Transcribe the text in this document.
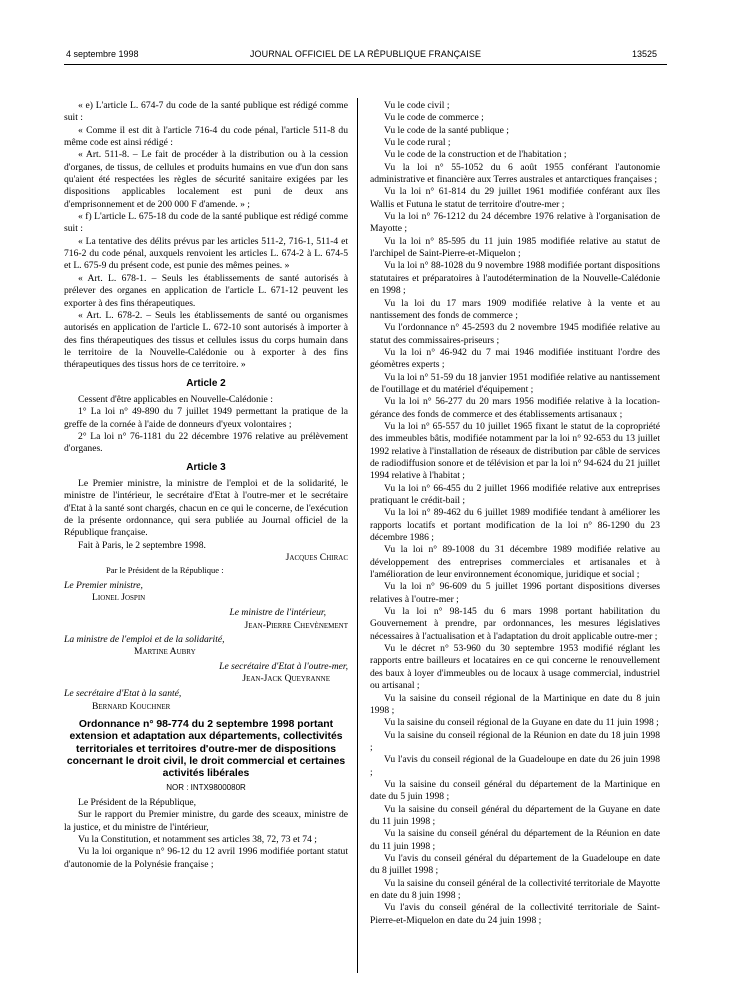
4 septembre 1998	JOURNAL OFFICIEL DE LA RÉPUBLIQUE FRANÇAISE	13525

« e) L'article L. 674-7 du code de la santé publique est rédigé comme suit :

« Comme il est dit à l'article 716-4 du code pénal, l'article 511-8 du même code est ainsi rédigé :

« Art. 511-8. – Le fait de procéder à la distribution ou à la cession d'organes, de tissus, de cellules et produits humains en vue d'un don sans qu'aient été respectées les règles de sécurité sanitaire exigées par les dispositions applicables localement est puni de deux ans d'emprisonnement et de 200 000 F d'amende. » ;

« f) L'article L. 675-18 du code de la santé publique est rédigé comme suit :

« La tentative des délits prévus par les articles 511-2, 716-1, 511-4 et 716-2 du code pénal, auxquels renvoient les articles L. 674-2 à L. 674-5 et L. 675-9 du présent code, est punie des mêmes peines. »

« Art. L. 678-1. – Seuls les établissements de santé autorisés à prélever des organes en application de l'article L. 671-12 peuvent les exporter à des fins thérapeutiques.

« Art. L. 678-2. – Seuls les établissements de santé ou organismes autorisés en application de l'article L. 672-10 sont autorisés à importer à des fins thérapeutiques des tissus et cellules issus du corps humain dans le territoire de la Nouvelle-Calédonie ou à exporter à des fins thérapeutiques des tissus hors de ce territoire. »

Article 2

Cessent d'être applicables en Nouvelle-Calédonie :

1° La loi n° 49-890 du 7 juillet 1949 permettant la pratique de la greffe de la cornée à l'aide de donneurs d'yeux volontaires ;

2° La loi n° 76-1181 du 22 décembre 1976 relative au prélèvement d'organes.

Article 3

Le Premier ministre, la ministre de l'emploi et de la solidarité, le ministre de l'intérieur, le secrétaire d'Etat à l'outre-mer et le secrétaire d'Etat à la santé sont chargés, chacun en ce qui le concerne, de l'exécution de la présente ordonnance, qui sera publiée au Journal officiel de la République française.

Fait à Paris, le 2 septembre 1998.

Jacques Chirac

Par le Président de la République :

Le Premier ministre,

Lionel Jospin

Le ministre de l'intérieur,

Jean-Pierre Chevènement

La ministre de l'emploi et de la solidarité,

Martine Aubry

Le secrétaire d'Etat à l'outre-mer,

Jean-Jack Queyranne

Le secrétaire d'Etat à la santé,

Bernard Kouchner

Ordonnance n° 98-774 du 2 septembre 1998 portant extension et adaptation aux départements, collectivités territoriales et territoires d'outre-mer de dispositions concernant le droit civil, le droit commercial et certaines activités libérales

NOR : INTX9800080R

Le Président de la République,

Sur le rapport du Premier ministre, du garde des sceaux, ministre de la justice, et du ministre de l'intérieur,

Vu la Constitution, et notamment ses articles 38, 72, 73 et 74 ;

Vu la loi organique n° 96-12 du 12 avril 1996 modifiée portant statut d'autonomie de la Polynésie française ;

Vu le code civil ;

Vu le code de commerce ;

Vu le code de la santé publique ;

Vu le code rural ;

Vu le code de la construction et de l'habitation ;

Vu la loi n° 55-1052 du 6 août 1955 conférant l'autonomie administrative et financière aux Terres australes et antarctiques françaises ;

Vu la loi n° 61-814 du 29 juillet 1961 modifiée conférant aux îles Wallis et Futuna le statut de territoire d'outre-mer ;

Vu la loi n° 76-1212 du 24 décembre 1976 relative à l'organisation de Mayotte ;

Vu la loi n° 85-595 du 11 juin 1985 modifiée relative au statut de l'archipel de Saint-Pierre-et-Miquelon ;

Vu la loi n° 88-1028 du 9 novembre 1988 modifiée portant dispositions statutaires et préparatoires à l'autodétermination de la Nouvelle-Calédonie en 1998 ;

Vu la loi du 17 mars 1909 modifiée relative à la vente et au nantissement des fonds de commerce ;

Vu l'ordonnance n° 45-2593 du 2 novembre 1945 modifiée relative au statut des commissaires-priseurs ;

Vu la loi n° 46-942 du 7 mai 1946 modifiée instituant l'ordre des géomètres experts ;

Vu la loi n° 51-59 du 18 janvier 1951 modifiée relative au nantissement de l'outillage et du matériel d'équipement ;

Vu la loi n° 56-277 du 20 mars 1956 modifiée relative à la location-gérance des fonds de commerce et des établissements artisanaux ;

Vu la loi n° 65-557 du 10 juillet 1965 fixant le statut de la copropriété des immeubles bâtis, modifiée notamment par la loi n° 92-653 du 13 juillet 1992 relative à l'installation de réseaux de distribution par câble de services de radiodiffusion sonore et de télévision et par la loi n° 94-624 du 21 juillet 1994 relative à l'habitat ;

Vu la loi n° 66-455 du 2 juillet 1966 modifiée relative aux entreprises pratiquant le crédit-bail ;

Vu la loi n° 89-462 du 6 juillet 1989 modifiée tendant à améliorer les rapports locatifs et portant modification de la loi n° 86-1290 du 23 décembre 1986 ;

Vu la loi n° 89-1008 du 31 décembre 1989 modifiée relative au développement des entreprises commerciales et artisanales et à l'amélioration de leur environnement économique, juridique et social ;

Vu la loi n° 96-609 du 5 juillet 1996 portant dispositions diverses relatives à l'outre-mer ;

Vu la loi n° 98-145 du 6 mars 1998 portant habilitation du Gouvernement à prendre, par ordonnances, les mesures législatives nécessaires à l'actualisation et à l'adaptation du droit applicable outre-mer ;

Vu le décret n° 53-960 du 30 septembre 1953 modifié réglant les rapports entre bailleurs et locataires en ce qui concerne le renouvellement des baux à loyer d'immeubles ou de locaux à usage commercial, industriel ou artisanal ;

Vu la saisine du conseil régional de la Martinique en date du 8 juin 1998 ;

Vu la saisine du conseil régional de la Guyane en date du 11 juin 1998 ;

Vu la saisine du conseil régional de la Réunion en date du 18 juin 1998 ;

Vu l'avis du conseil régional de la Guadeloupe en date du 26 juin 1998 ;

Vu la saisine du conseil général du département de la Martinique en date du 5 juin 1998 ;

Vu la saisine du conseil général du département de la Guyane en date du 11 juin 1998 ;

Vu la saisine du conseil général du département de la Réunion en date du 11 juin 1998 ;

Vu l'avis du conseil général du département de la Guadeloupe en date du 8 juillet 1998 ;

Vu la saisine du conseil général de la collectivité territoriale de Mayotte en date du 8 juin 1998 ;

Vu l'avis du conseil général de la collectivité territoriale de Saint-Pierre-et-Miquelon en date du 24 juin 1998 ;
